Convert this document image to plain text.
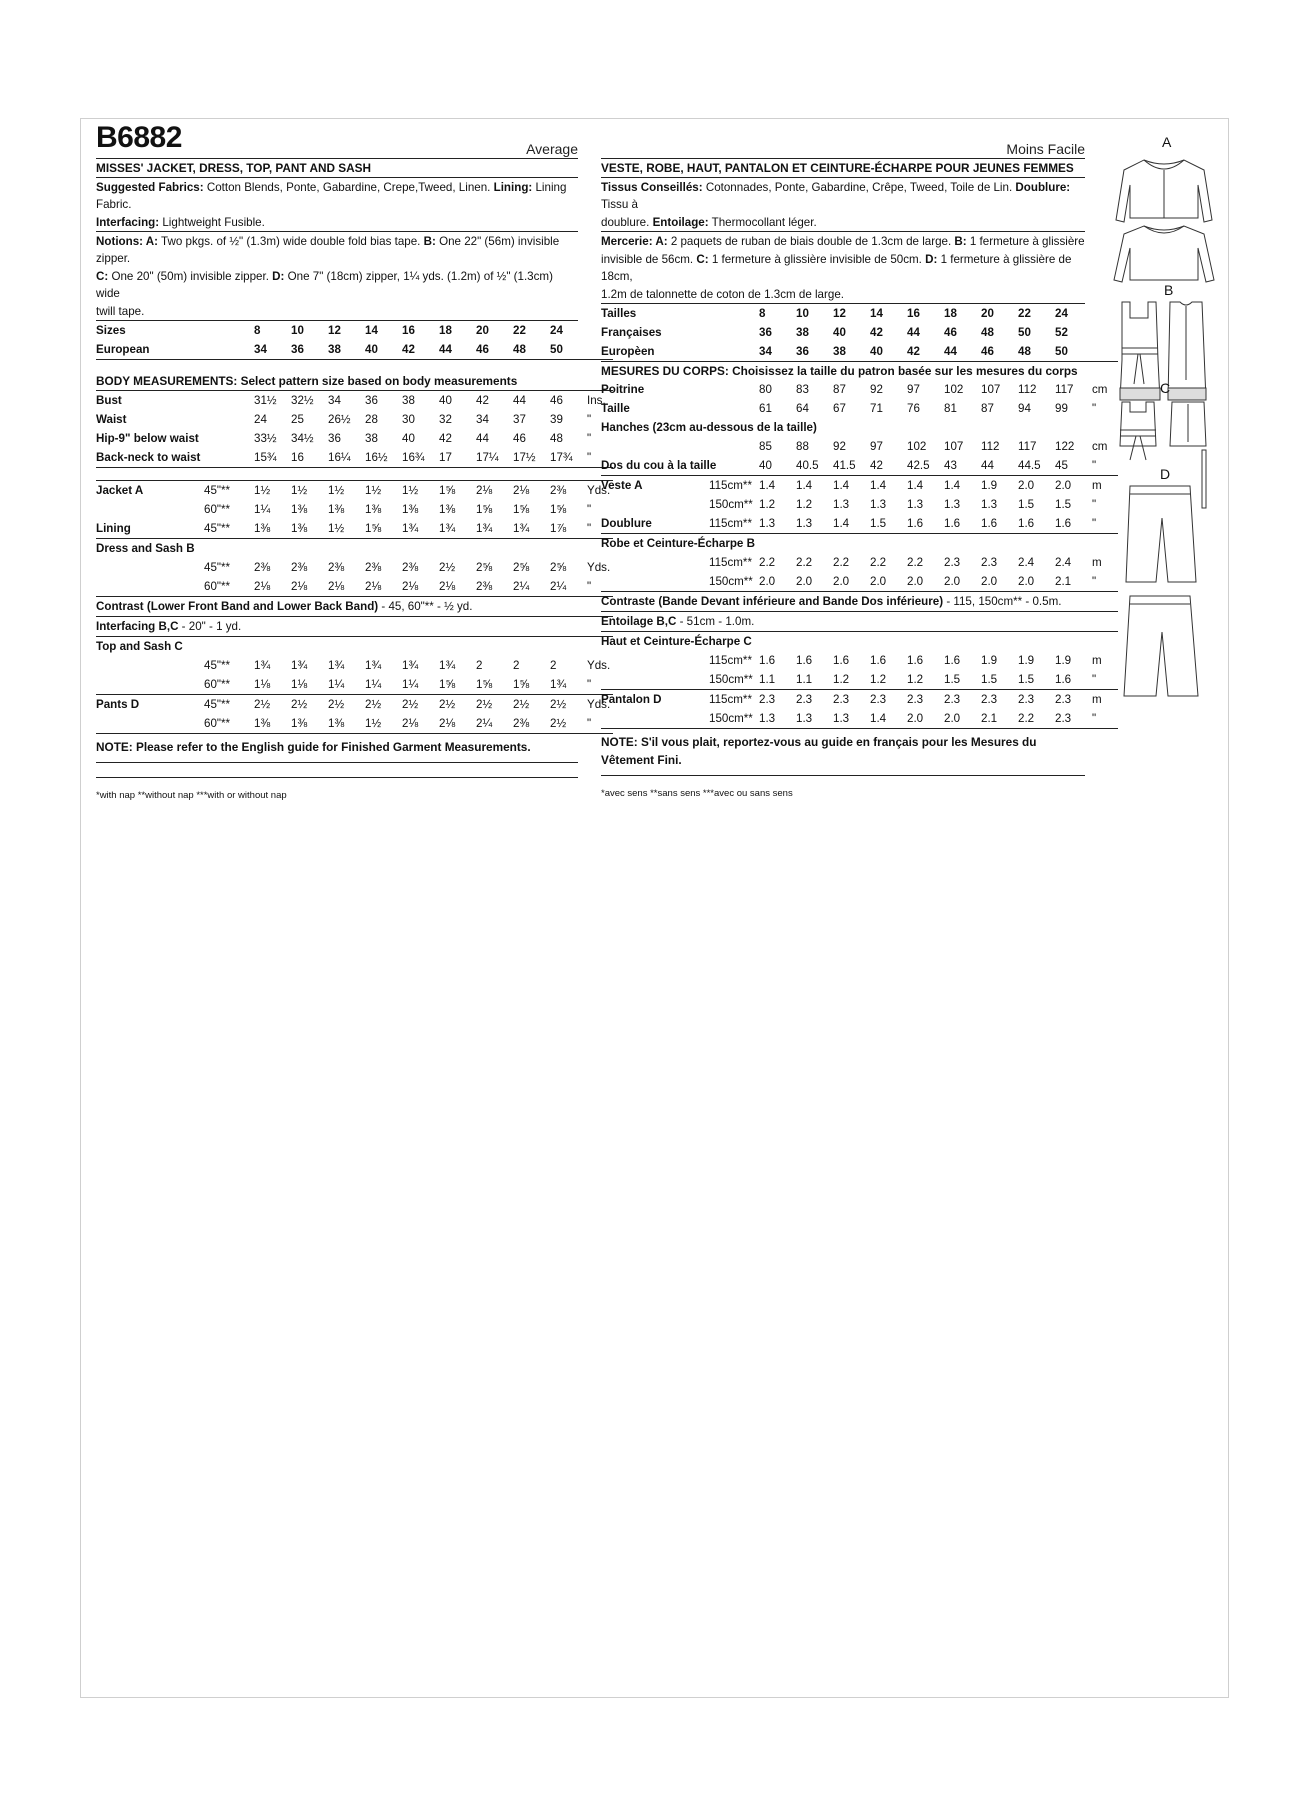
B6882	Average
MISSES' JACKET, DRESS, TOP, PANT AND SASH
Suggested Fabrics: Cotton Blends, Ponte, Gabardine, Crepe,Tweed, Linen. Lining: Lining Fabric.
Interfacing: Lightweight Fusible.
Notions: A: Two pkgs. of ½" (1.3m) wide double fold bias tape. B: One 22" (56m) invisible zipper.
C: One 20" (50m) invisible zipper. D: One 7" (18cm) zipper, 1¼ yds. (1.2m) of ½" (1.3cm) wide
twill tape.
Sizes		8	10	12	14	16	18	20	22	24	
European		34	36	38	40	42	44	46	48	50	
BODY MEASUREMENTS: Select pattern size based on body measurements
Bust		31½	32½	34	36	38	40	42	44	46	Ins.
Waist		24	25	26½	28	30	32	34	37	39	"
Hip-9" below waist		33½	34½	36	38	40	42	44	46	48	"
Back-neck to waist		15¾	16	16¼	16½	16¾	17	17¼	17½	17¾	"
Jacket A	45"**	1½	1½	1½	1½	1½	1⅝	2⅛	2⅛	2⅜	Yds.
	60"**	1¼	1⅜	1⅜	1⅜	1⅜	1⅜	1⅝	1⅝	1⅝	"
Lining	45"**	1⅜	1⅜	1½	1⅝	1¾	1¾	1¾	1¾	1⅞	"
Dress and Sash B											
	45"**	2⅜	2⅜	2⅜	2⅜	2⅜	2½	2⅝	2⅝	2⅝	Yds.
	60"**	2⅛	2⅛	2⅛	2⅛	2⅛	2⅛	2⅜	2¼	2¼	"
Contrast (Lower Front Band and Lower Back Band) - 45, 60"** - ½ yd.											
Interfacing B,C - 20" - 1 yd.											
Top and Sash C											
	45"**	1¾	1¾	1¾	1¾	1¾	1¾	2	2	2	Yds.
	60"**	1⅛	1⅛	1¼	1¼	1¼	1⅝	1⅝	1⅝	1¾	"
Pants D	45"**	2½	2½	2½	2½	2½	2½	2½	2½	2½	Yds.
	60"**	1⅜	1⅜	1⅜	1½	2⅛	2⅛	2¼	2⅜	2½	"
NOTE: Please refer to the English guide for Finished Garment Measurements.
*with nap **without nap ***with or without nap
Moins Facile
VESTE, ROBE, HAUT, PANTALON ET CEINTURE-ÉCHARPE POUR JEUNES FEMMES
Tissus Conseillés: Cotonnades, Ponte, Gabardine, Crêpe, Tweed, Toile de Lin. Doublure: Tissu à
doublure. Entoilage: Thermocollant léger.
Mercerie: A: 2 paquets de ruban de biais double de 1.3cm de large. B: 1 fermeture à glissière
invisible de 56cm. C: 1 fermeture à glissière invisible de 50cm. D: 1 fermeture à glissière de 18cm,
1.2m de talonnette de coton de 1.3cm de large.
Tailles		8	10	12	14	16	18	20	22	24	
Françaises		36	38	40	42	44	46	48	50	52	
Europèen		34	36	38	40	42	44	46	48	50	
MESURES DU CORPS: Choisissez la taille du patron basée sur les mesures du corps
Poitrine		80	83	87	92	97	102	107	112	117	cm
Taille		61	64	67	71	76	81	87	94	99	"
Hanches (23cm au-dessous de la taille)											
		85	88	92	97	102	107	112	117	122	cm
Dos du cou à la taille		40	40.5	41.5	42	42.5	43	44	44.5	45	"
Veste A	115cm**	1.4	1.4	1.4	1.4	1.4	1.4	1.9	2.0	2.0	m
	150cm**	1.2	1.2	1.3	1.3	1.3	1.3	1.3	1.5	1.5	"
Doublure	115cm**	1.3	1.3	1.4	1.5	1.6	1.6	1.6	1.6	1.6	"
Robe et Ceinture-Écharpe B											
	115cm**	2.2	2.2	2.2	2.2	2.2	2.3	2.3	2.4	2.4	m
	150cm**	2.0	2.0	2.0	2.0	2.0	2.0	2.0	2.0	2.1	"
Contraste (Bande Devant inférieure and Bande Dos inférieure) - 115, 150cm** - 0.5m.											
Entoilage B,C - 51cm - 1.0m.											
Haut et Ceinture-Écharpe C											
	115cm**	1.6	1.6	1.6	1.6	1.6	1.6	1.9	1.9	1.9	m
	150cm**	1.1	1.1	1.2	1.2	1.2	1.5	1.5	1.5	1.6	"
Pantalon D	115cm**	2.3	2.3	2.3	2.3	2.3	2.3	2.3	2.3	2.3	m
	150cm**	1.3	1.3	1.3	1.4	2.0	2.0	2.1	2.2	2.3	"
NOTE: S'il vous plait, reportez-vous au guide en français pour les Mesures du Vêtement Fini.
*avec sens **sans sens ***avec ou sans sens
A
B
C
D
